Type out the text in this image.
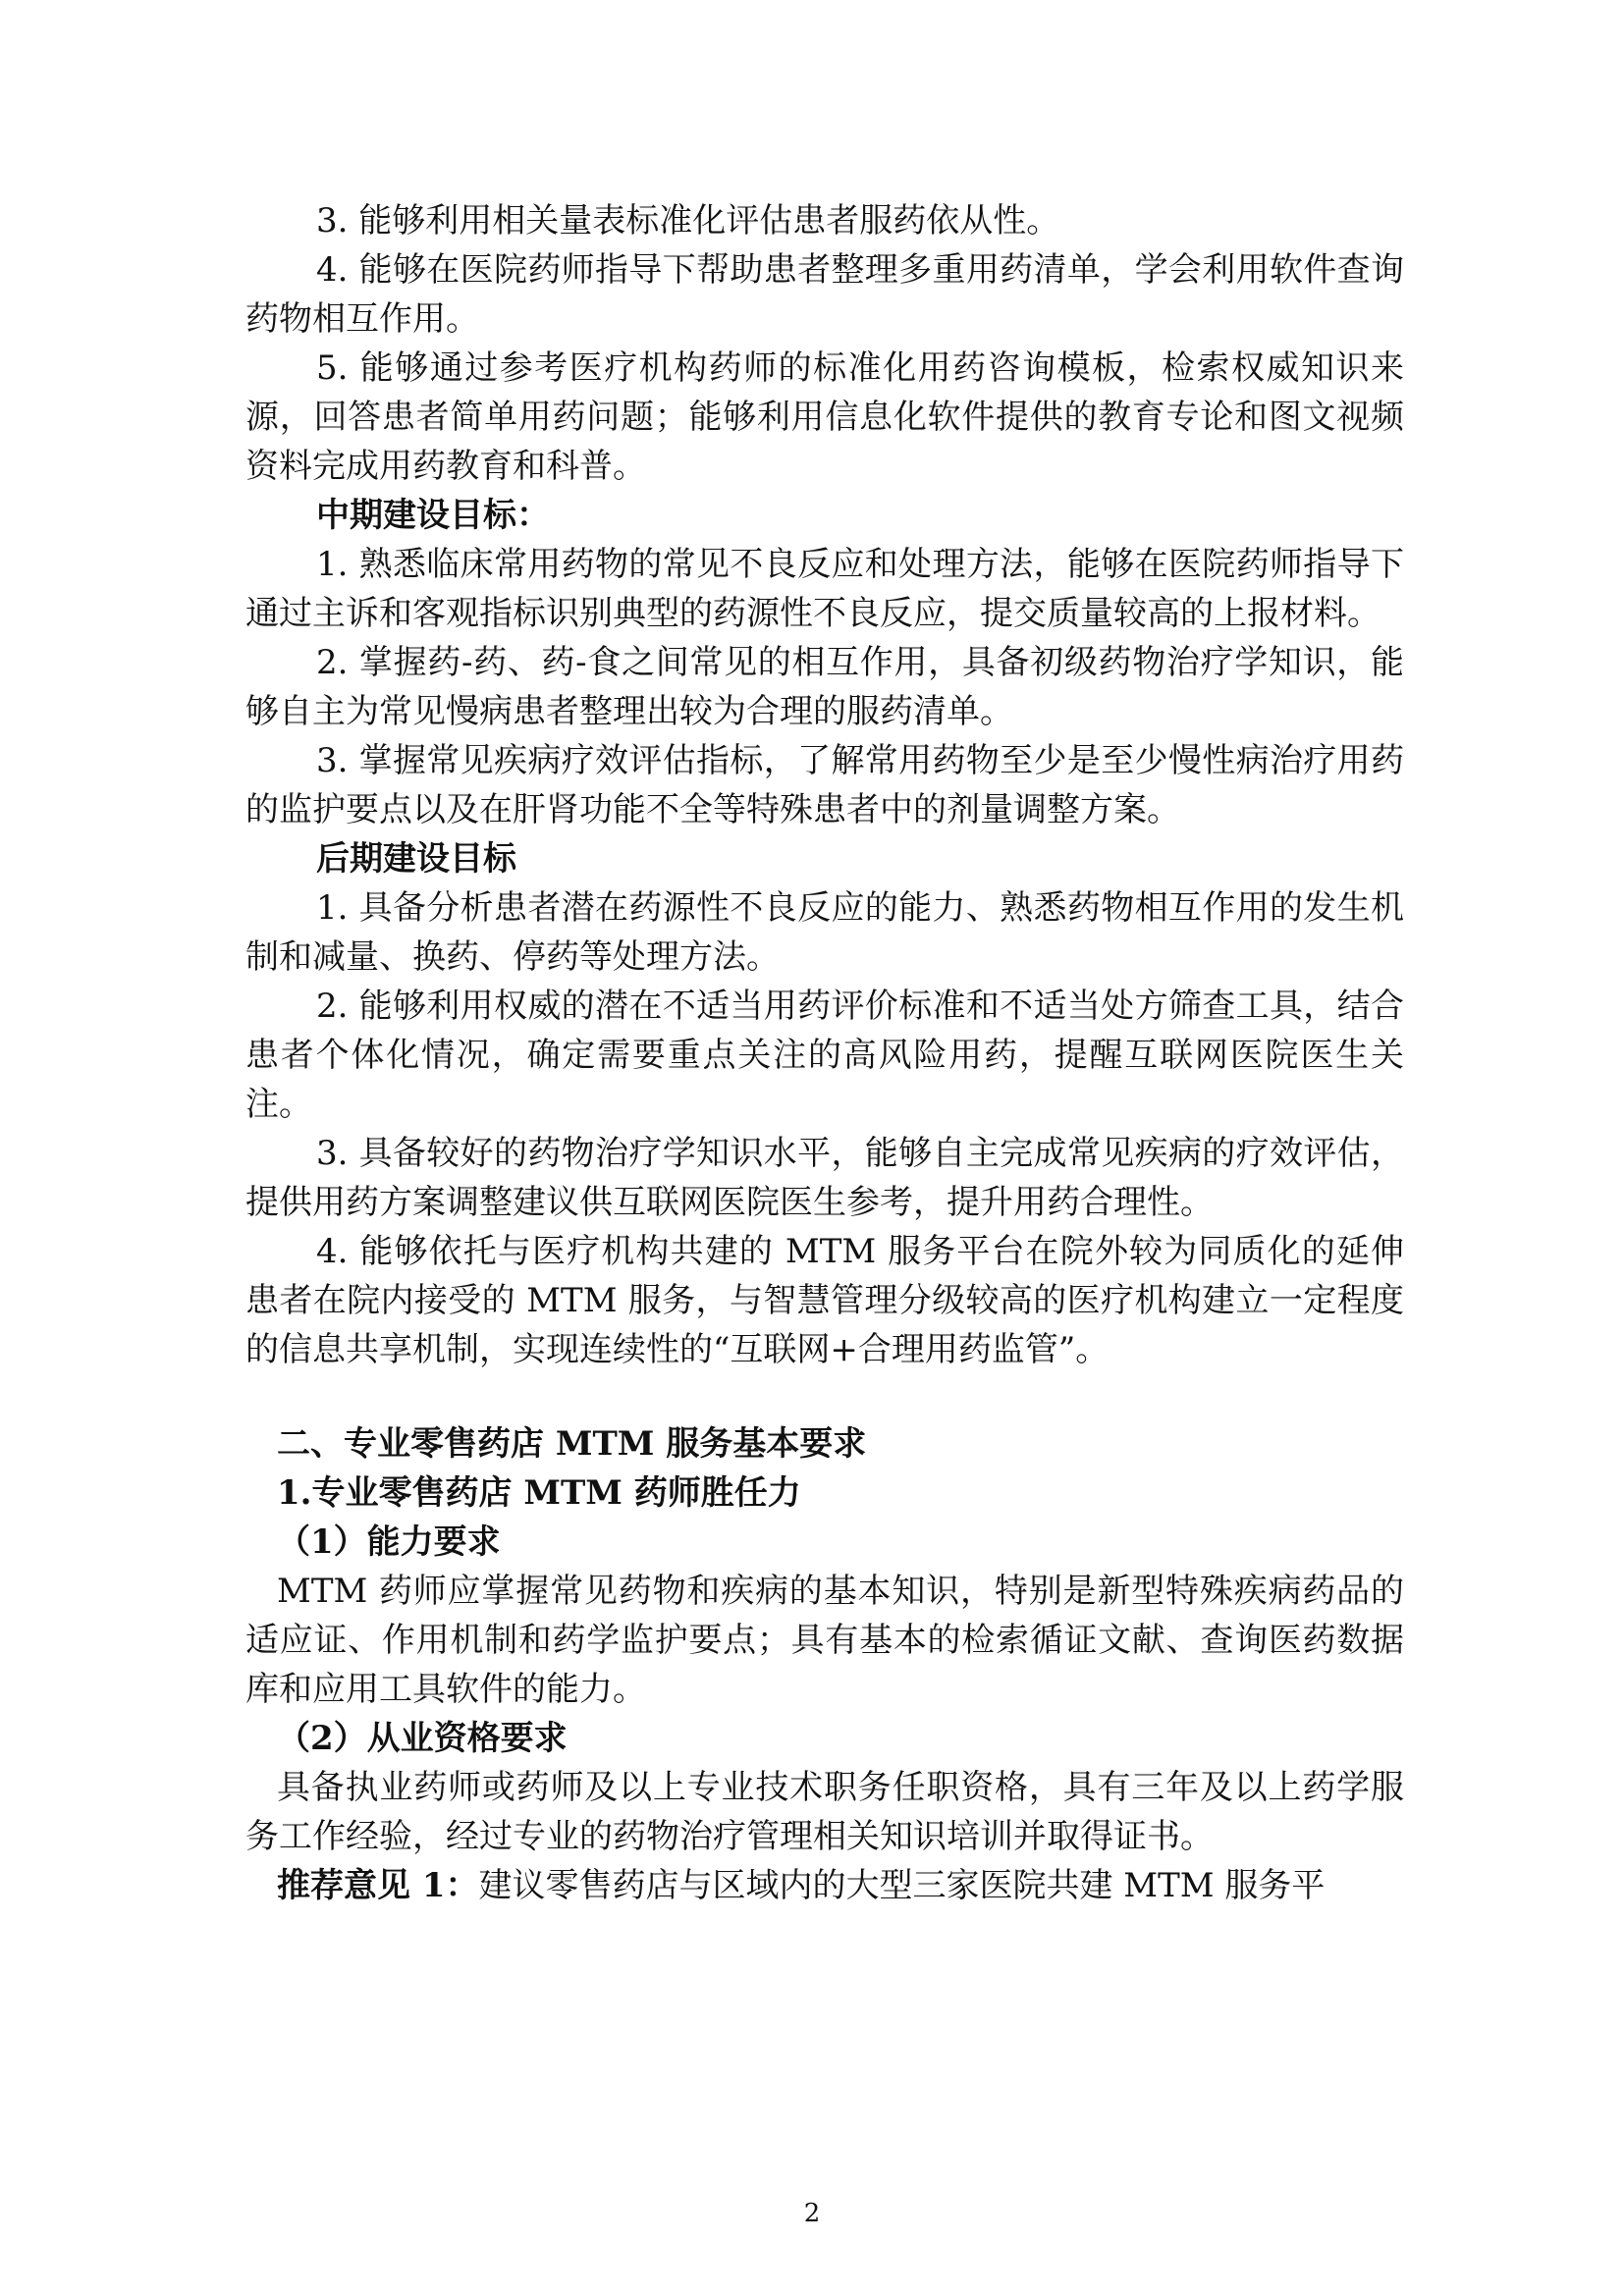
3. 能够利用相关量表标准化评估患者服药依从性。

4. 能够在医院药师指导下帮助患者整理多重用药清单，学会利用软件查询药物相互作用。

5. 能够通过参考医疗机构药师的标准化用药咨询模板，检索权威知识来源，回答患者简单用药问题；能够利用信息化软件提供的教育专论和图文视频资料完成用药教育和科普。

中期建设目标：

1. 熟悉临床常用药物的常见不良反应和处理方法，能够在医院药师指导下通过主诉和客观指标识别典型的药源性不良反应，提交质量较高的上报材料。

2. 掌握药-药、药-食之间常见的相互作用，具备初级药物治疗学知识，能够自主为常见慢病患者整理出较为合理的服药清单。

3. 掌握常见疾病疗效评估指标，了解常用药物至少是至少慢性病治疗用药的监护要点以及在肝肾功能不全等特殊患者中的剂量调整方案。

后期建设目标

1. 具备分析患者潜在药源性不良反应的能力、熟悉药物相互作用的发生机制和减量、换药、停药等处理方法。

2. 能够利用权威的潜在不适当用药评价标准和不适当处方筛查工具，结合患者个体化情况，确定需要重点关注的高风险用药，提醒互联网医院医生关注。

3. 具备较好的药物治疗学知识水平，能够自主完成常见疾病的疗效评估，提供用药方案调整建议供互联网医院医生参考，提升用药合理性。

4. 能够依托与医疗机构共建的 MTM 服务平台在院外较为同质化的延伸患者在院内接受的 MTM 服务，与智慧管理分级较高的医疗机构建立一定程度的信息共享机制，实现连续性的“互联网+合理用药监管”。

二、专业零售药店 MTM 服务基本要求

1.专业零售药店 MTM 药师胜任力

（1）能力要求

MTM 药师应掌握常见药物和疾病的基本知识，特别是新型特殊疾病药品的适应证、作用机制和药学监护要点；具有基本的检索循证文献、查询医药数据库和应用工具软件的能力。

（2）从业资格要求

具备执业药师或药师及以上专业技术职务任职资格，具有三年及以上药学服务工作经验，经过专业的药物治疗管理相关知识培训并取得证书。

推荐意见 1：建议零售药店与区域内的大型三家医院共建 MTM 服务平

2
